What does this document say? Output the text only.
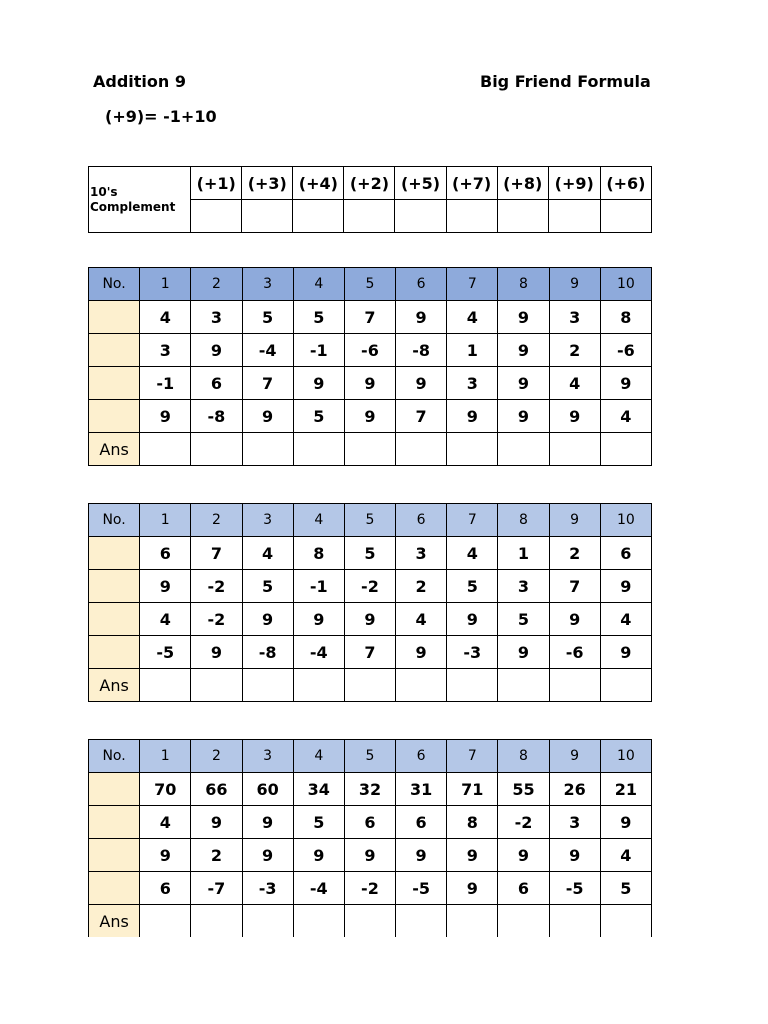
Addition 9	Big Friend Formula
(+9)= -1+10
10's Complement	(+1)	(+3)	(+4)	(+2)	(+5)	(+7)	(+8)	(+9)	(+6)

No.	1	2	3	4	5	6	7	8	9	10
	4	3	5	5	7	9	4	9	3	8
	3	9	-4	-1	-6	-8	1	9	2	-6
	-1	6	7	9	9	9	3	9	4	9
	9	-8	9	5	9	7	9	9	9	4
Ans										
No.	1	2	3	4	5	6	7	8	9	10
	6	7	4	8	5	3	4	1	2	6
	9	-2	5	-1	-2	2	5	3	7	9
	4	-2	9	9	9	4	9	5	9	4
	-5	9	-8	-4	7	9	-3	9	-6	9
Ans										
No.	1	2	3	4	5	6	7	8	9	10
	70	66	60	34	32	31	71	55	26	21
	4	9	9	5	6	6	8	-2	3	9
	9	2	9	9	9	9	9	9	9	4
	6	-7	-3	-4	-2	-5	9	6	-5	5
Ans										
